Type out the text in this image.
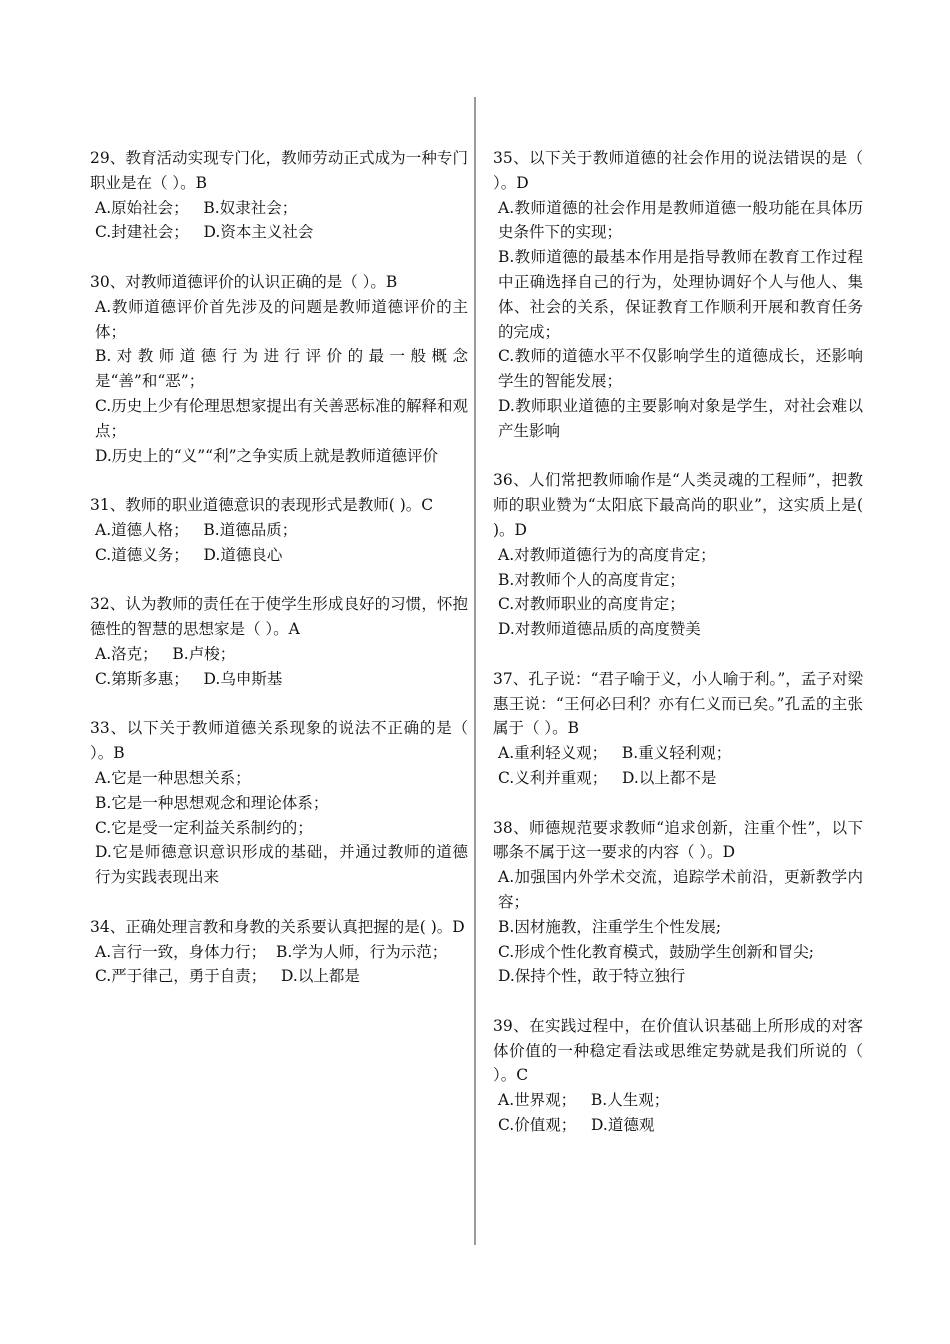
29、教育活动实现专门化，教师劳动正式成为一种专门职业是在（ ）。B
A.原始社会；   B.奴隶社会；
C.封建社会；   D.资本主义社会
30、对教师道德评价的认识正确的是（ ）。B
A.教师道德评价首先涉及的问题是教师道德评价的主体；
B.对教师道德行为进行评价的最一般概念是“善”和“恶”；
C.历史上少有伦理思想家提出有关善恶标准的解释和观点；
D.历史上的“义”“利”之争实质上就是教师道德评价
31、教师的职业道德意识的表现形式是教师( )。C
A.道德人格；   B.道德品质；
C.道德义务；   D.道德良心
32、认为教师的责任在于使学生形成良好的习惯，怀抱德性的智慧的思想家是（ ）。A
A.洛克；   B.卢梭；
C.第斯多惠；   D.乌申斯基
33、以下关于教师道德关系现象的说法不正确的是（ ）。B
A.它是一种思想关系；
B.它是一种思想观念和理论体系；
C.它是受一定利益关系制约的；
D.它是师德意识意识形成的基础，并通过教师的道德行为实践表现出来
34、正确处理言教和身教的关系要认真把握的是( )。D
A.言行一致，身体力行；  B.学为人师，行为示范；
C.严于律己，勇于自责；   D.以上都是
35、以下关于教师道德的社会作用的说法错误的是（ ）。D
A.教师道德的社会作用是教师道德一般功能在具体历史条件下的实现；
B.教师道德的最基本作用是指导教师在教育工作过程中正确选择自己的行为，处理协调好个人与他人、集体、社会的关系，保证教育工作顺利开展和教育任务的完成；
C.教师的道德水平不仅影响学生的道德成长，还影响学生的智能发展；
D.教师职业道德的主要影响对象是学生，对社会难以产生影响
36、人们常把教师喻作是“人类灵魂的工程师”，把教师的职业赞为“太阳底下最高尚的职业”，这实质上是( )。D
A.对教师道德行为的高度肯定；
B.对教师个人的高度肯定；
C.对教师职业的高度肯定；
D.对教师道德品质的高度赞美
37、孔子说：“君子喻于义，小人喻于利。”，孟子对梁惠王说：“王何必曰利？亦有仁义而已矣。”孔孟的主张属于（ ）。B
A.重利轻义观；   B.重义轻利观；
C.义利并重观；   D.以上都不是
38、师德规范要求教师“追求创新，注重个性”，以下哪条不属于这一要求的内容（ ）。D
A.加强国内外学术交流，追踪学术前沿，更新教学内容；
B.因材施教，注重学生个性发展;
C.形成个性化教育模式，鼓励学生创新和冒尖;
D.保持个性，敢于特立独行
39、在实践过程中，在价值认识基础上所形成的对客体价值的一种稳定看法或思维定势就是我们所说的（ ）。C
A.世界观；   B.人生观；
C.价值观；   D.道德观
